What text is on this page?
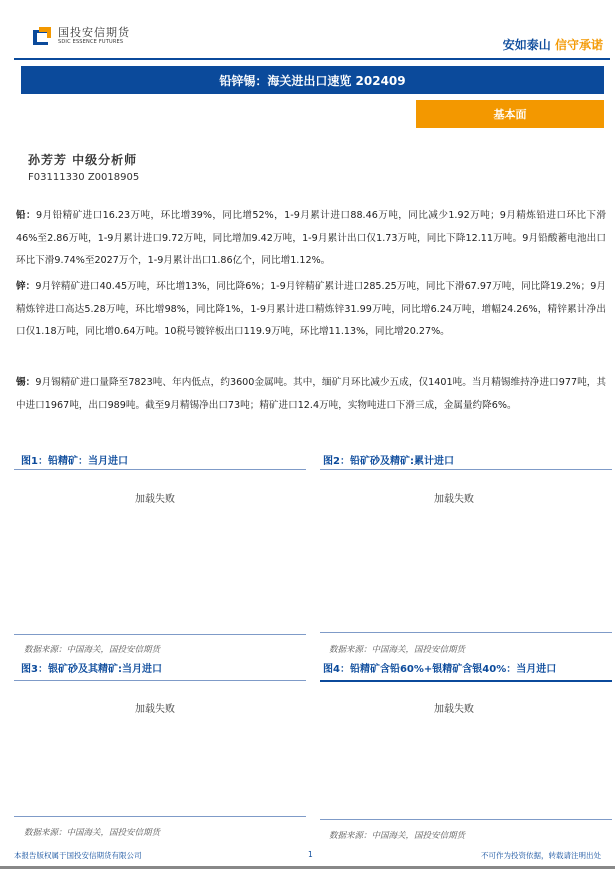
国投安信期货
SDIC ESSENCE FUTURES	安如泰山 信守承诺
铅锌锡：海关进出口速览 202409
基本面
孙芳芳 中级分析师
F03111330 Z0018905
铅：9月铅精矿进口16.23万吨，环比增39%，同比增52%，1-9月累计进口88.46万吨，同比减少1.92万吨；9月精炼铅进口环比下滑46%至2.86万吨，1-9月累计进口9.72万吨，同比增加9.42万吨，1-9月累计出口仅1.73万吨，同比下降12.11万吨。9月铅酸蓄电池出口环比下滑9.74%至2027万个，1-9月累计出口1.86亿个，同比增1.12%。
锌：9月锌精矿进口40.45万吨，环比增13%，同比降6%；1-9月锌精矿累计进口285.25万吨，同比下滑67.97万吨，同比降19.2%；9月精炼锌进口高达5.28万吨，环比增98%，同比降1%，1-9月累计进口精炼锌31.99万吨，同比增6.24万吨，增幅24.26%，精锌累计净出口仅1.18万吨，同比增0.64万吨。10税号镀锌板出口119.9万吨，环比增11.13%，同比增20.27%。
锡：9月锡精矿进口量降至7823吨、年内低点，约3600金属吨。其中，缅矿月环比减少五成，仅1401吨。当月精锡维持净进口977吨，其中进口1967吨，出口989吨。截至9月精锡净出口73吨；精矿进口12.4万吨，实物吨进口下滑三成，金属量约降6%。
图1：铅精矿：当月进口
加载失败
数据来源：中国海关，国投安信期货
图2：铅矿砂及精矿:累计进口
加载失败
数据来源：中国海关，国投安信期货
图3：银矿砂及其精矿:当月进口
加载失败
数据来源：中国海关，国投安信期货
图4：铅精矿含铅60%+银精矿含银40%：当月进口
加载失败
数据来源：中国海关，国投安信期货
本报告版权属于国投安信期货有限公司	1	不可作为投资依据，转载请注明出处
